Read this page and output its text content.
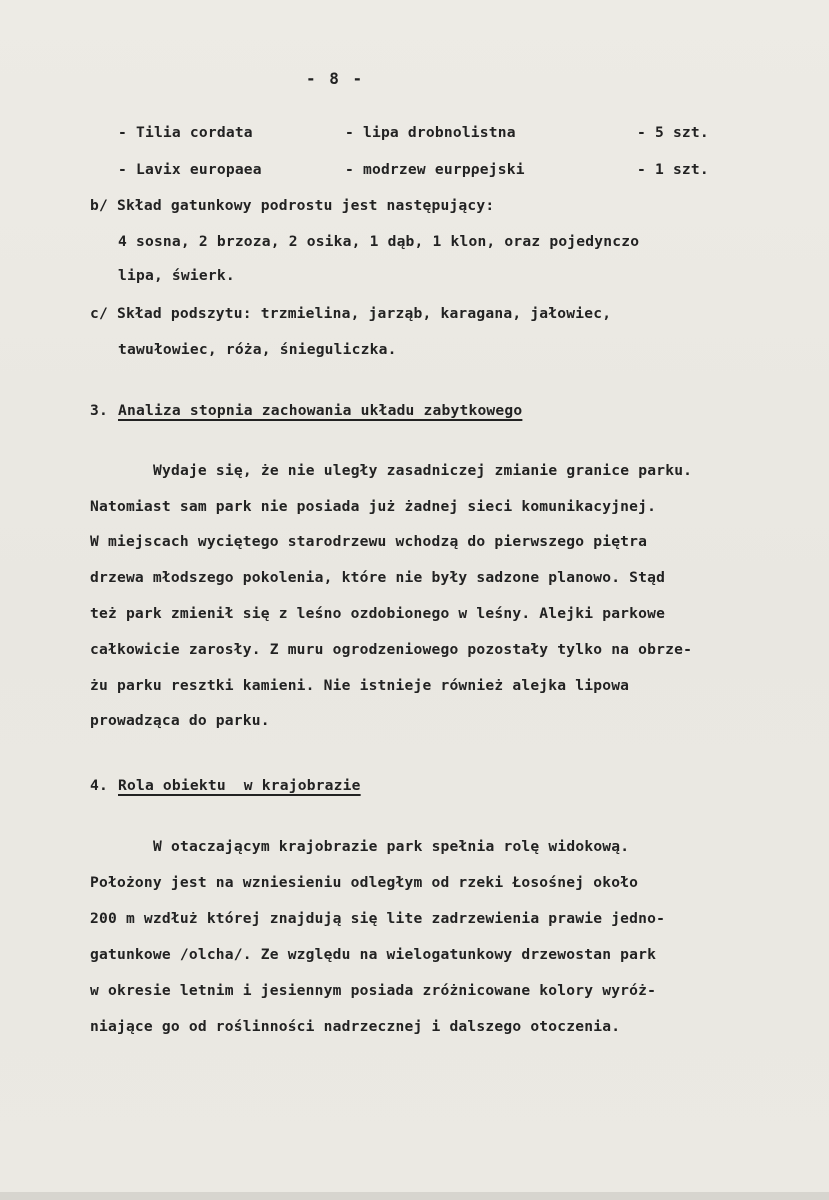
- 8 -
- Tilia cordata	- lipa drobnolistna	- 5 szt.
- Lavix europaea	- modrzew eurpρejski	- 1 szt.
b/ Skład gatunkowy podrostu jest następujący:
4 sosna, 2 brzoza, 2 osika, 1 dąb, 1 klon, oraz pojedynczo
lipa, świerk.
c/ Skład podszytu: trzmielina, jarząb, karagana, jałowiec,
tawułowiec, róża, śnieguliczka.
3. Analiza stopnia zachowania układu zabytkowego
Wydaje się, że nie uległy zasadniczej zmianie granice parku.
Natomiast sam park nie posiada już żadnej sieci komunikacyjnej.
W miejscach wyciętego starodrzewu wchodzą do pierwszego piętra
drzewa młodszego pokolenia, które nie były sadzone planowo. Stąd
też park zmienił się z leśno ozdobionego w leśny. Alejki parkowe
całkowicie zarosły. Z muru ogrodzeniowego pozostały tylko na obrze-
żu parku resztki kamieni. Nie istnieje również alejka lipowa
prowadząca do parku.
4. Rola obiektu  w krajobrazie
W otaczającym krajobrazie park spełnia rolę widokową.
Położony jest na wzniesieniu odległym od rzeki Łosośnej około
200 m wzdłuż której znajdują się lite zadrzewienia prawie jedno-
gatunkowe /olcha/. Ze względu na wielogatunkowy drzewostan park
w okresie letnim i jesiennym posiada zróżnicowane kolory wyróż-
niające go od roślinności nadrzecznej i dalszego otoczenia.
